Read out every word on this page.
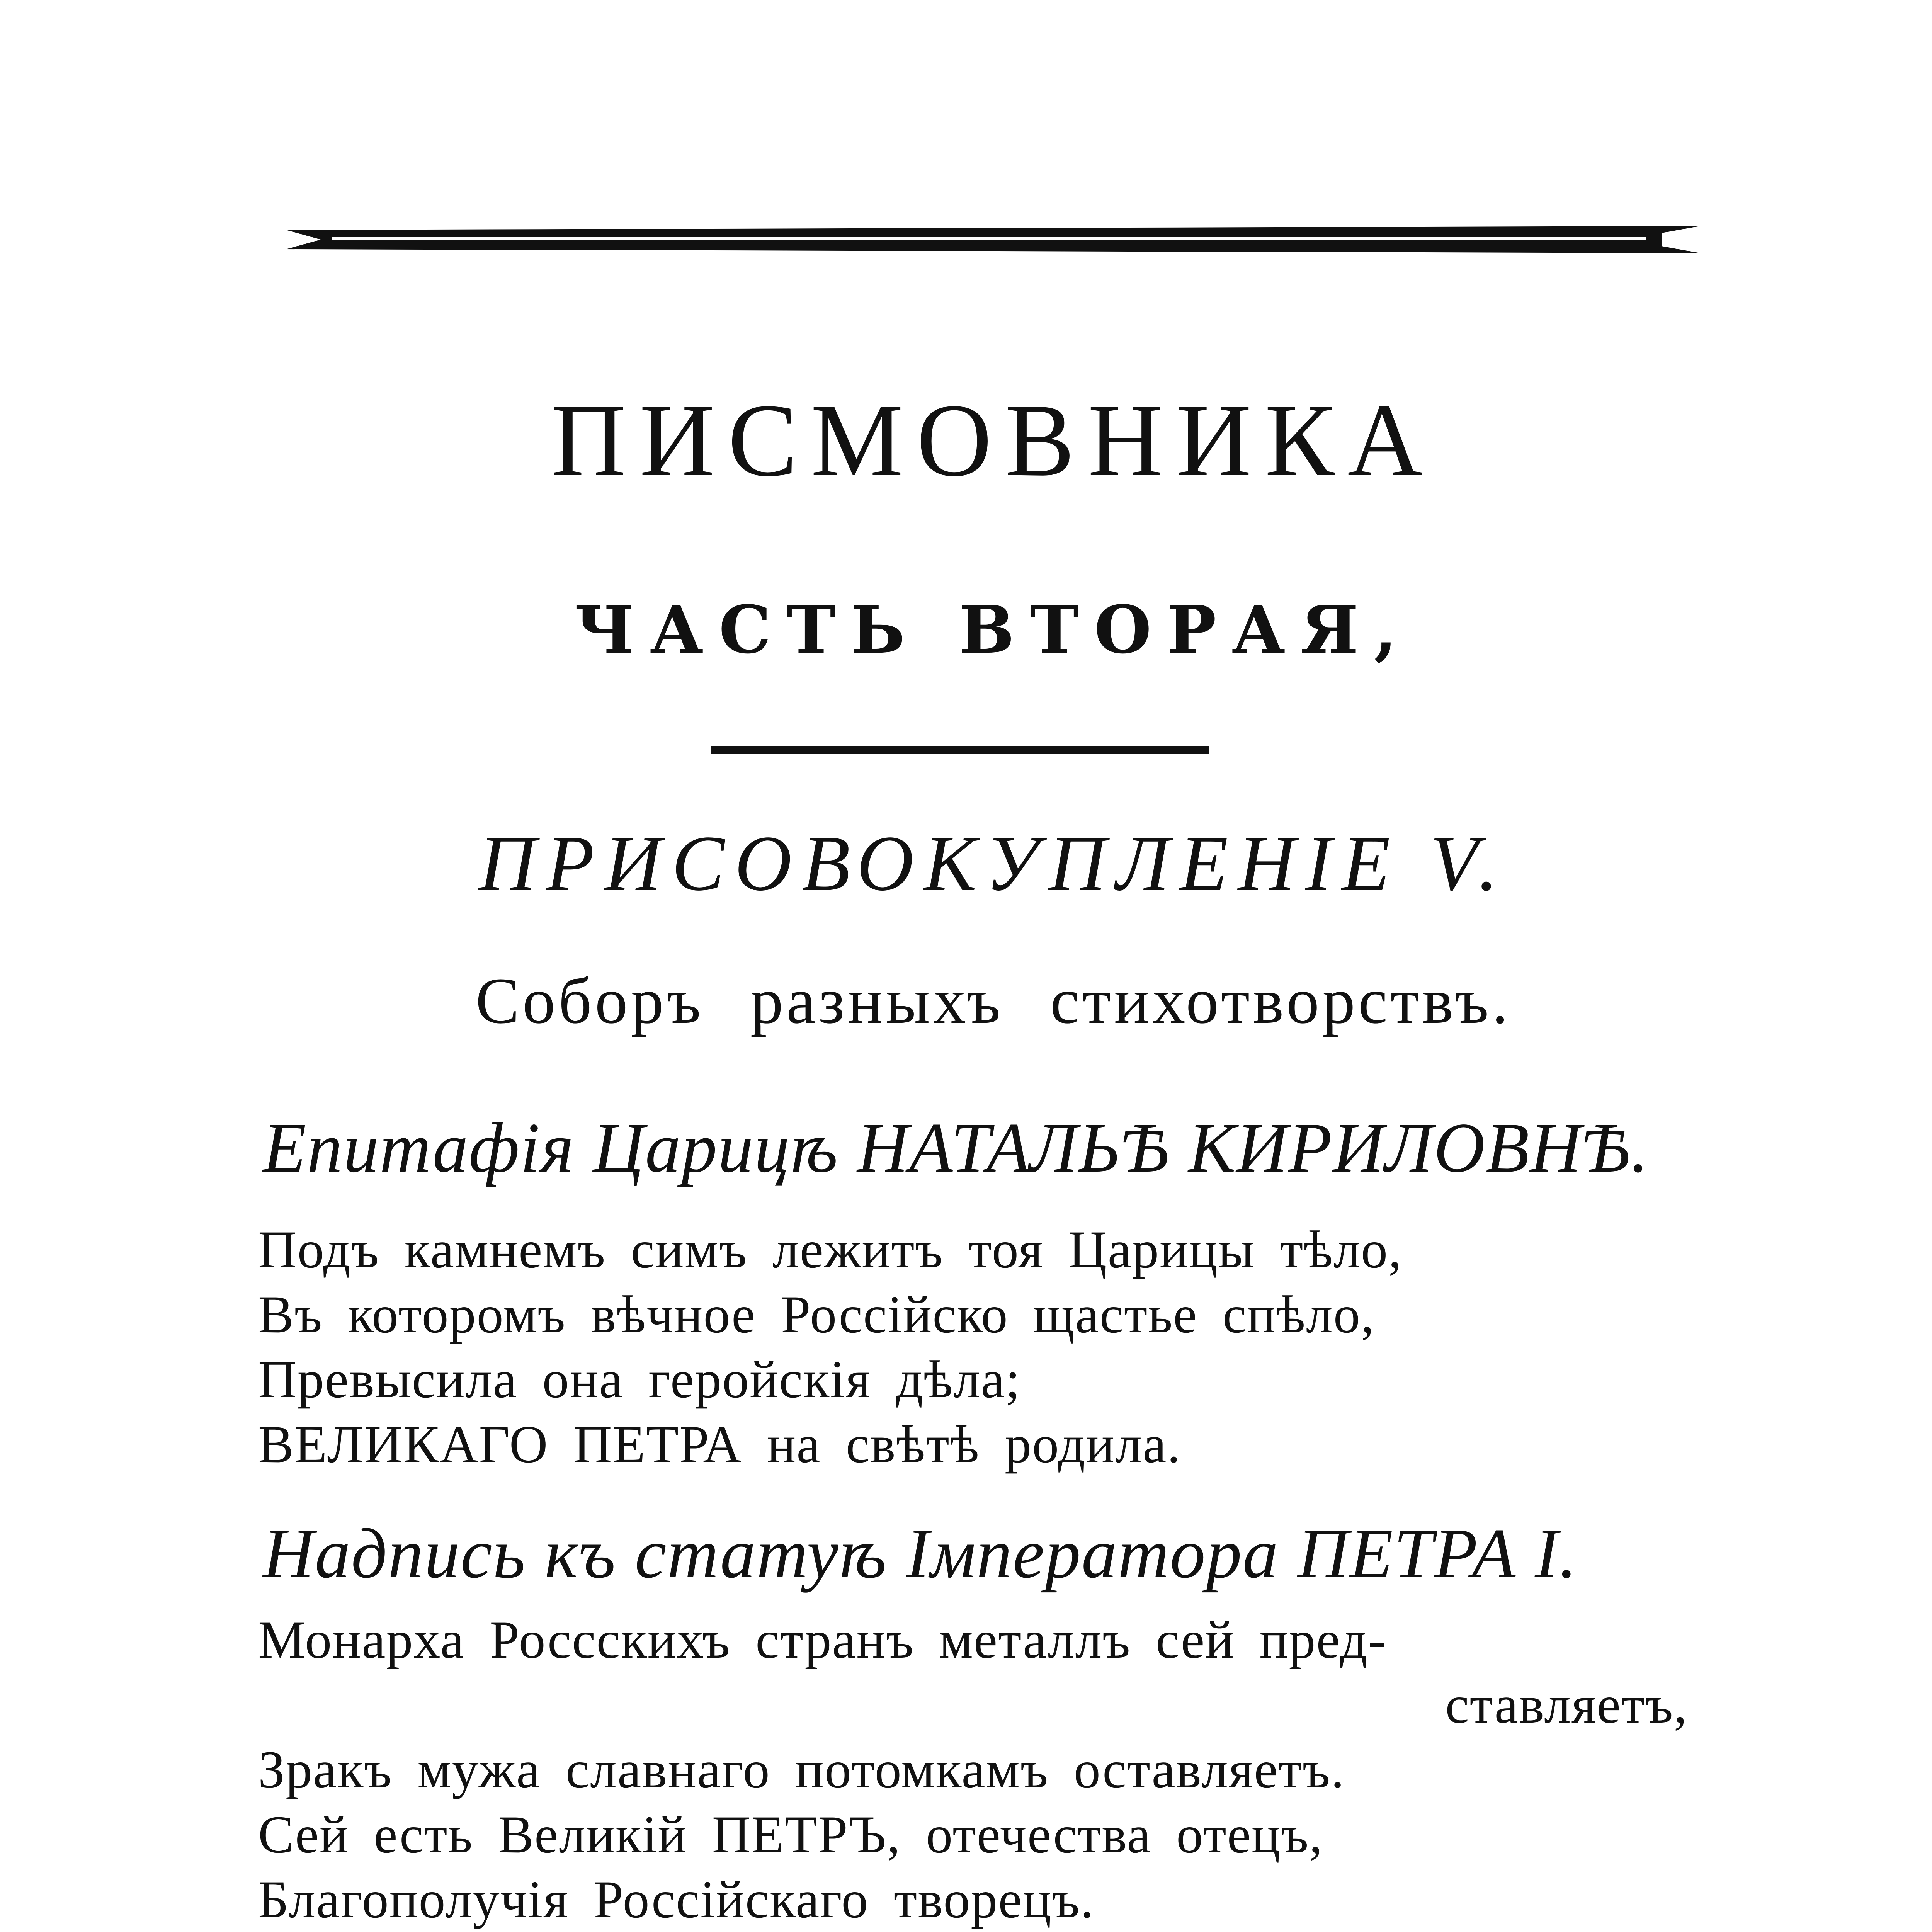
ПИСМОВНИКА
ЧАСТЬ ВТОРАЯ,
ПРИСОВОКУПЛЕНІЕ V.
Соборъ разныхъ стихотворствъ.
Епитафія Царицѣ НАТАЛЬѢ КИРИЛОВНѢ.
Подъ камнемъ симъ лежитъ тоя Царицы тѣло,
Въ которомъ вѣчное Россійско щастье спѣло,
Превысила она геройскія дѣла;
ВЕЛИКАГО ПЕТРА на свѣтѣ родила.
Надпись къ статуѣ Імператора ПЕТРА І.
Монарха Россскихъ странъ металлъ сей пред-
ставляетъ,
Зракъ мужа славнаго потомкамъ оставляетъ.
Сей есть Великій ПЕТРЪ, отечества отецъ,
Благополучія Россійскаго творецъ.
